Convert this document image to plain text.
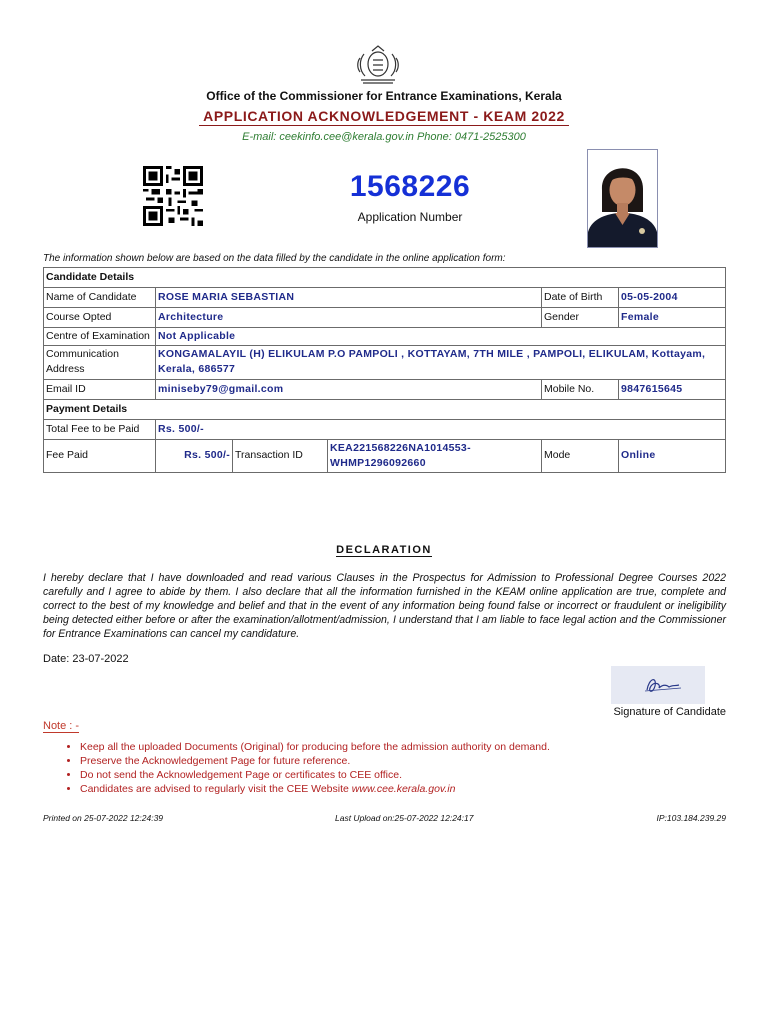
Office of the Commissioner for Entrance Examinations, Kerala
APPLICATION ACKNOWLEDGEMENT - KEAM 2022
E-mail: ceekinfo.cee@kerala.gov.in Phone: 0471-2525300
1568226
Application Number
The information shown below are based on the data filled by the candidate in the online application form:
Candidate Details					
Name of Candidate	ROSE MARIA SEBASTIAN			Date of Birth	05-05-2004
Course Opted	Architecture			Gender	Female
Centre of Examination	Not Applicable				
Communication Address	KONGAMALAYIL (H) ELIKULAM P.O PAMPOLI , KOTTAYAM, 7TH MILE , PAMPOLI, ELIKULAM, Kottayam, Kerala, 686577				
Email ID	miniseby79@gmail.com			Mobile No.	9847615645
Payment Details					
Total Fee to be Paid	Rs. 500/-				
Fee Paid	Rs. 500/-	Transaction ID	KEA221568226NA1014553-WHMP1296092660	Mode	Online
DECLARATION
I hereby declare that I have downloaded and read various Clauses in the Prospectus for Admission to Professional Degree Courses 2022 carefully and I agree to abide by them. I also declare that all the information furnished in the KEAM online application are true, complete and correct to the best of my knowledge and belief and that in the event of any information being found false or incorrect or fraudulent or ineligibility being detected either before or after the examination/allotment/admission, I understand that I am liable to face legal action and the Commissioner for Entrance Examinations can cancel my candidature.
Date: 23-07-2022
Signature of Candidate
Note : -
• Keep all the uploaded Documents (Original) for producing before the admission authority on demand.
• Preserve the Acknowledgement Page for future reference.
• Do not send the Acknowledgement Page or certificates to CEE office.
• Candidates are advised to regularly visit the CEE Website www.cee.kerala.gov.in
Printed on 25-07-2022 12:24:39	Last Upload on:25-07-2022 12:24:17	IP:103.184.239.29
